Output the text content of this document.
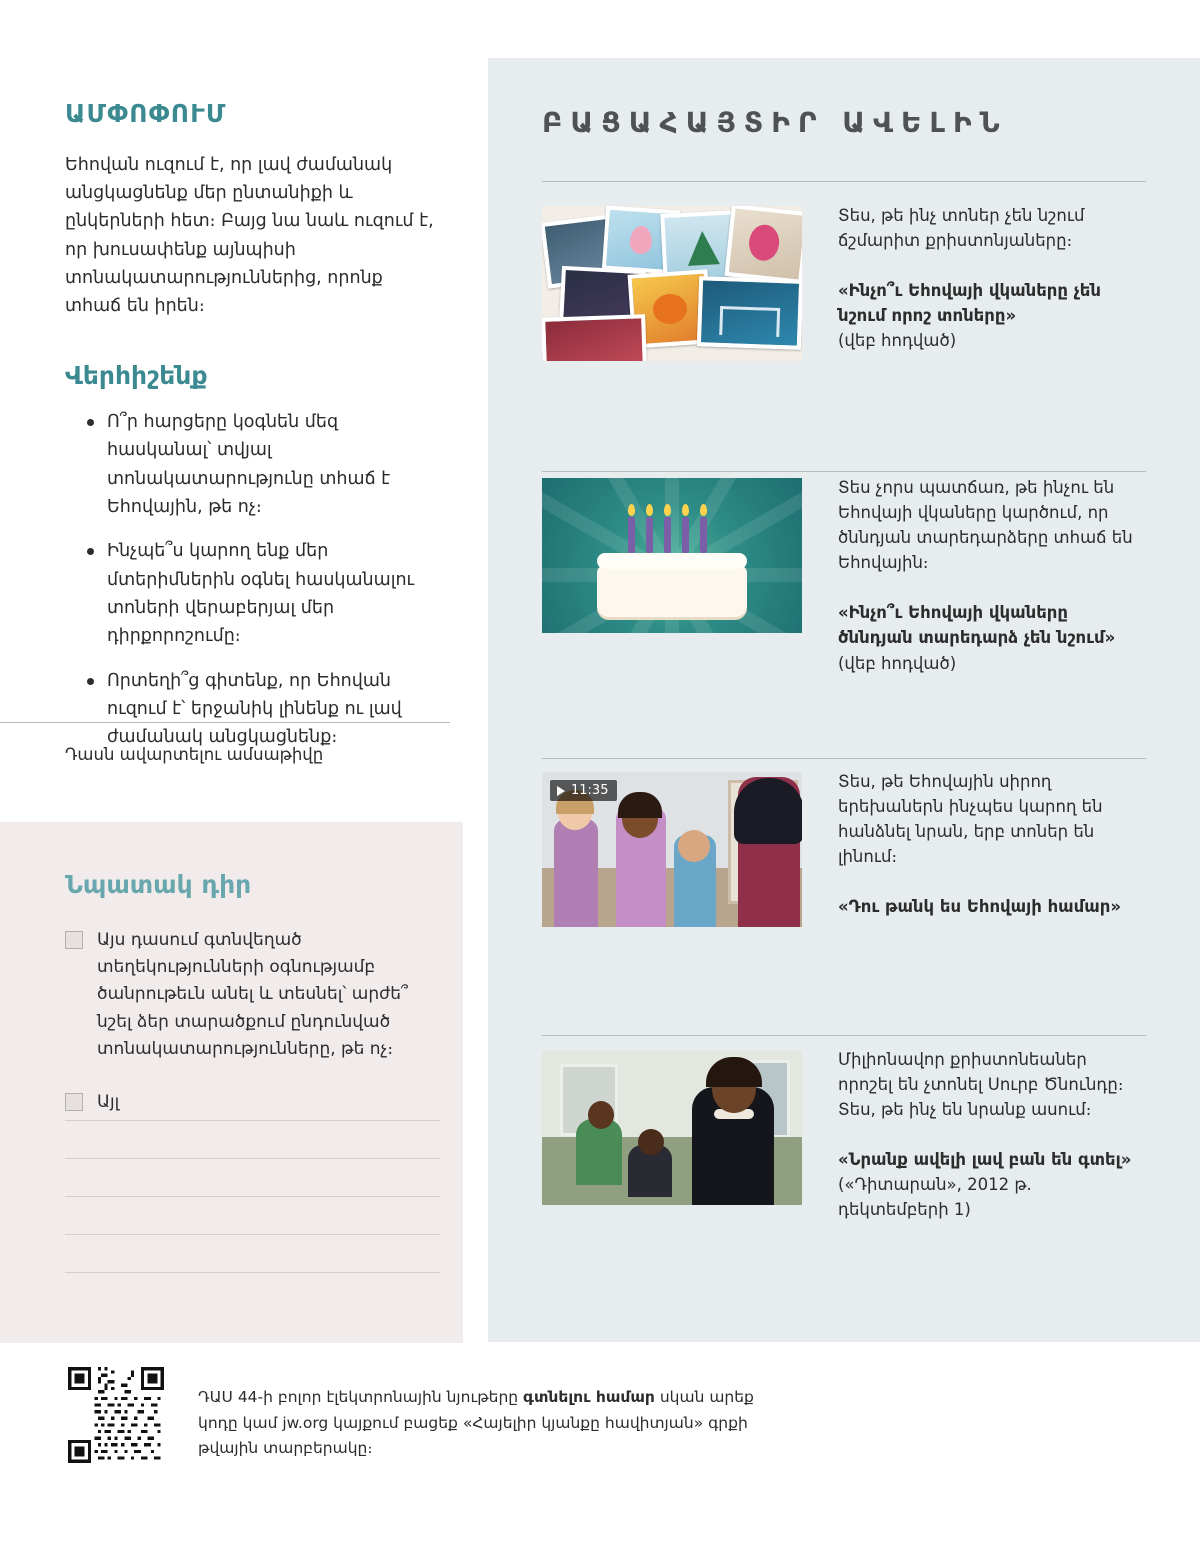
ԱՄՓՈՓՈՒՄ

Եհովան ուզում է, որ լավ ժամանակ անցկացնենք մեր ընտանիքի և ընկերների հետ։ Բայց նա նաև ուզում է, որ խուսափենք այնպիսի տոնակատարություններից, որոնք տհաճ են իրեն։

Վերհիշենք
Ո՞ր հարցերը կօգնեն մեզ հասկանալ՝ տվյալ տոնակատարությունը տհաճ է Եհովային, թե ոչ։
Ինչպե՞ս կարող ենք մեր մտերիմներին օգնել հասկանալու տոների վերաբերյալ մեր դիրքորոշումը։
Որտեղի՞ց գիտենք, որ Եհովան ուզում է՝ երջանիկ լինենք ու լավ ժամանակ անցկացնենք։
Դասն ավարտելու ամսաթիվը
Նպատակ դիր
Այս դասում գտնվեղած տեղեկությունների օգնությամբ ծանրութեւն անել և տեսնել՝ արժե՞ նշել ձեր տարածքում ընդունված տոնակատարությունները, թե ոչ։
Այլ
ԲԱՑԱՀԱՅՏԻՐ ԱՎԵԼԻՆ
Տես, թե ինչ տոներ չեն նշում ճշմարիտ քրիստոնյաները։

«Ինչո՞ւ Եհովայի վկաները չեն նշում որոշ տոները»
(վեբ հոդված)
Տես չորս պատճառ, թե ինչու են Եհովայի վկաները կարծում, որ ծննդյան տարեդարձերը տհաճ են Եհովային։

«Ինչո՞ւ Եհովայի վկաները ծննդյան տարեդարձ չեն նշում» (վեբ հոդված)
11:35	Տես, թե Եհովային սիրող երեխաներն ինչպես կարող են հանձնել նրան, երբ տոներ են լինում։

«Դու թանկ ես Եհովայի համար»
Միլիոնավոր քրիստոնեաներ որոշել են չտոնել Սուրբ Ծնունդը։ Տես, թե ինչ են նրանք ասում։

«Նրանք ավելի լավ բան են գտել» («Դիտարան», 2012 թ. դեկտեմբերի 1)
ԴԱՍ 44-ի բոլոր էլեկտրոնային նյութերը գտնելու համար սկան արեք կոդը կամ jw.org կայքում բացեք «Հայելիր կյանքը հավիտյան» գրքի թվային տարբերակը։
